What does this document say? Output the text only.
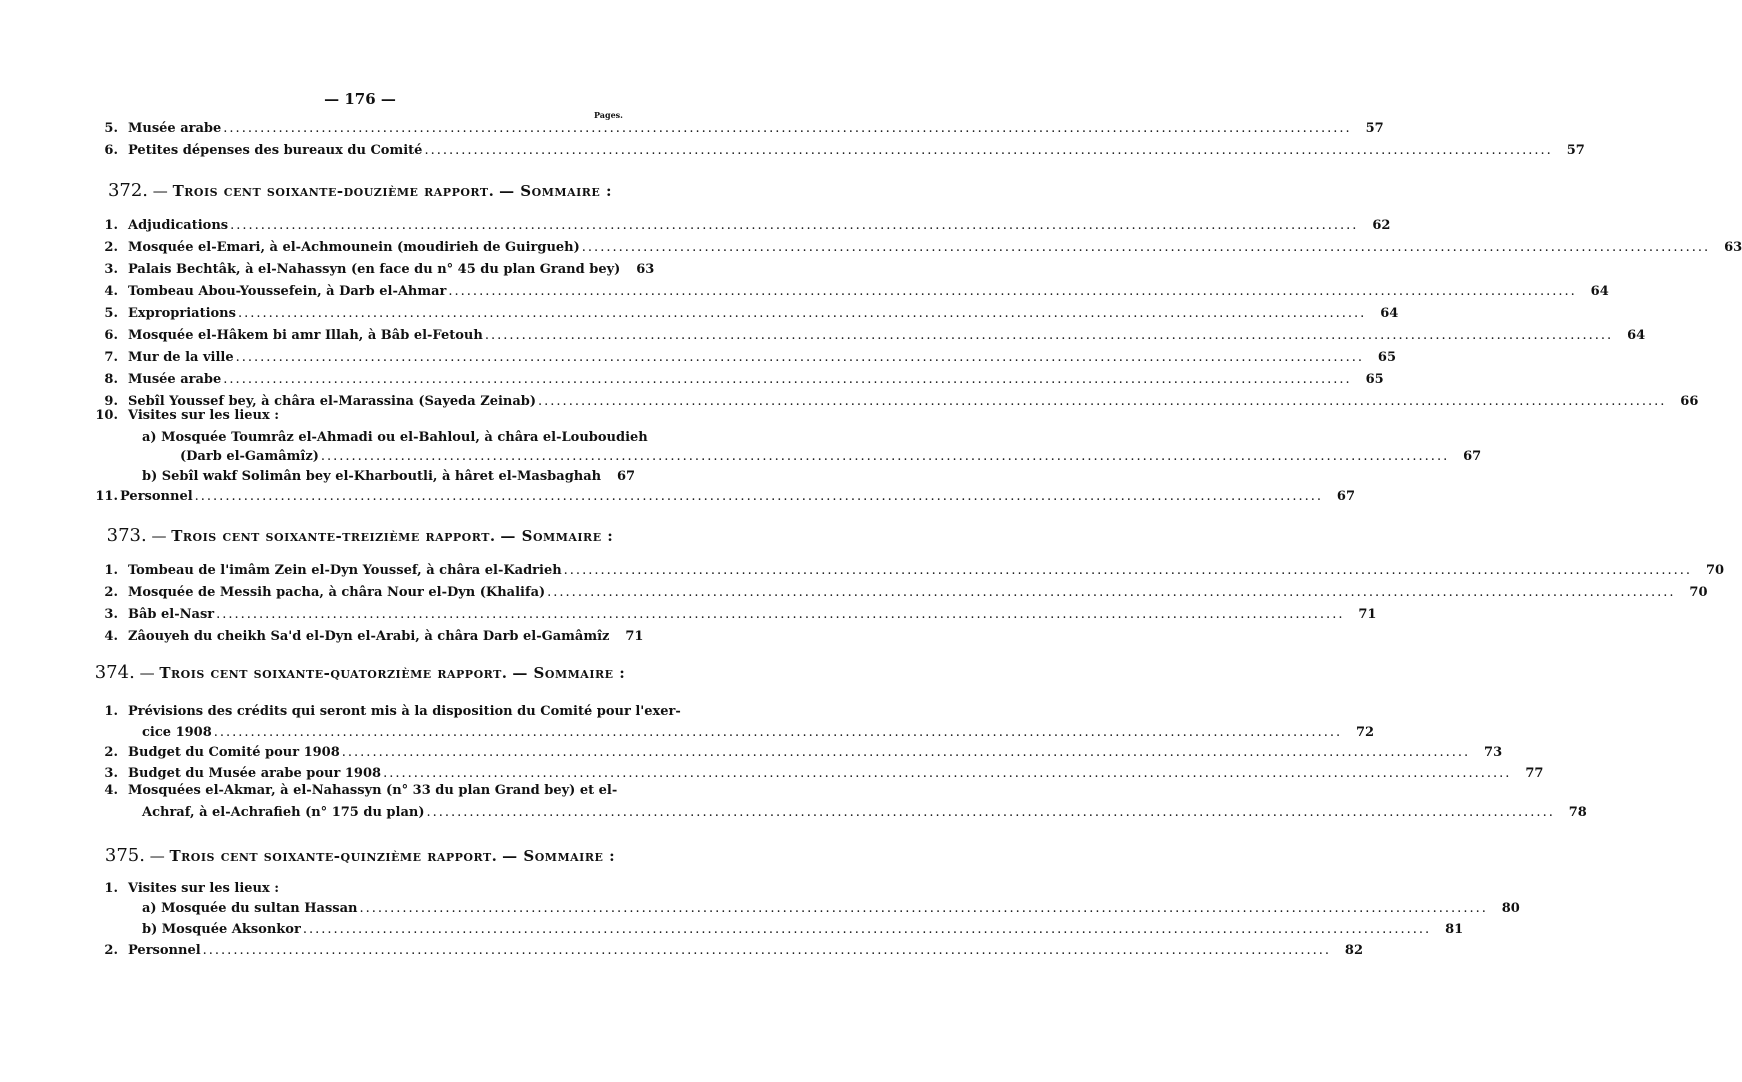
— 176 —
Pages.
5. Musée arabe .....	57
6. Petites dépenses des bureaux du Comité .....	57
372. — Trois cent soixante-douzième rapport. — Sommaire :
1. Adjudications .....	62
2. Mosquée el-Emari, à el-Achmounein (moudirieh de Guirgueh) .....	63
3. Palais Bechtâk, à el-Nahassyn (en face du n° 45 du plan Grand bey)	63
4. Tombeau Abou-Youssefein, à Darb el-Ahmar .....	64
5. Expropriations .....	64
6. Mosquée el-Hâkem bi amr Illah, à Bâb el-Fetouh .....	64
7. Mur de la ville .....	65
8. Musée arabe .....	65
9. Sebîl Youssef bey, à châra el-Marassina (Sayeda Zeinab) .....	66
10. Visites sur les lieux :
a) Mosquée Toumrâz el-Ahmadi ou el-Bahloul, à châra el-Louboudieh
(Darb el-Gamâmîz) .....	67
b) Sebîl wakf Solimân bey el-Kharboutli, à hâret el-Masbaghah	67
11. Personnel .....	67
373. — Trois cent soixante-treizième rapport. — Sommaire :
1. Tombeau de l'imâm Zein el-Dyn Youssef, à châra el-Kadrieh .....	70
2. Mosquée de Messih pacha, à châra Nour el-Dyn (Khalifa) .....	70
3. Bâb el-Nasr .....	71
4. Zâouyeh du cheikh Sa'd el-Dyn el-Arabi, à châra Darb el-Gamâmîz	71
374. — Trois cent soixante-quatorzième rapport. — Sommaire :
1. Prévisions des crédits qui seront mis à la disposition du Comité pour l'exer-
cice 1908 .....	72
2. Budget du Comité pour 1908 .....	73
3. Budget du Musée arabe pour 1908 .....	77
4. Mosquées el-Akmar, à el-Nahassyn (n° 33 du plan Grand bey) et el-
Achraf, à el-Achrafieh (n° 175 du plan) .....	78
375. — Trois cent soixante-quinzième rapport. — Sommaire :
1. Visites sur les lieux :
a) Mosquée du sultan Hassan .....	80
b) Mosquée Aksonkor .....	81
2. Personnel .....	82
